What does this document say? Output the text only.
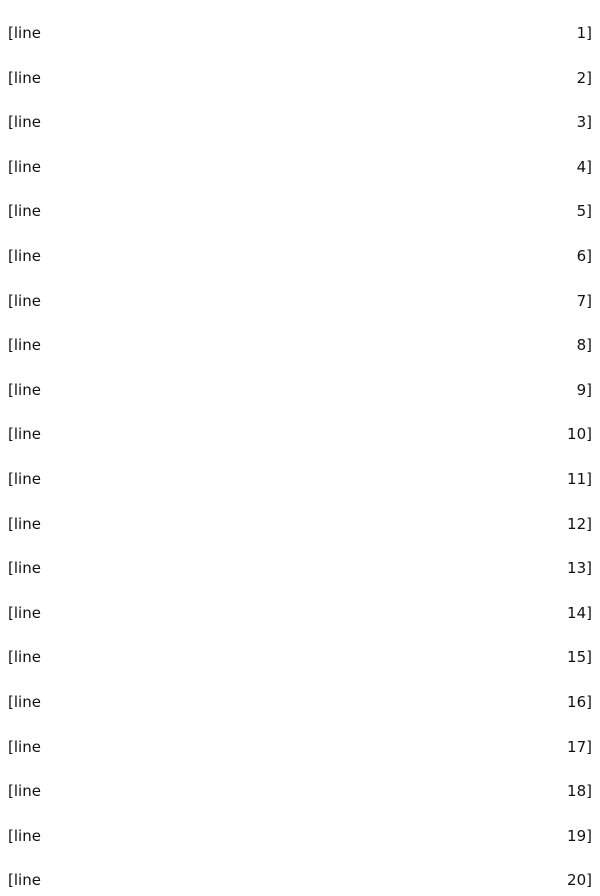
[line 1]

[line 2]

[line 3]

[line 4]

[line 5]

[line 6]

[line 7]

[line 8]

[line 9]

[line 10]

[line 11]

[line 12]

[line 13]

[line 14]

[line 15]

[line 16]

[line 17]

[line 18]

[line 19]

[line 20]
